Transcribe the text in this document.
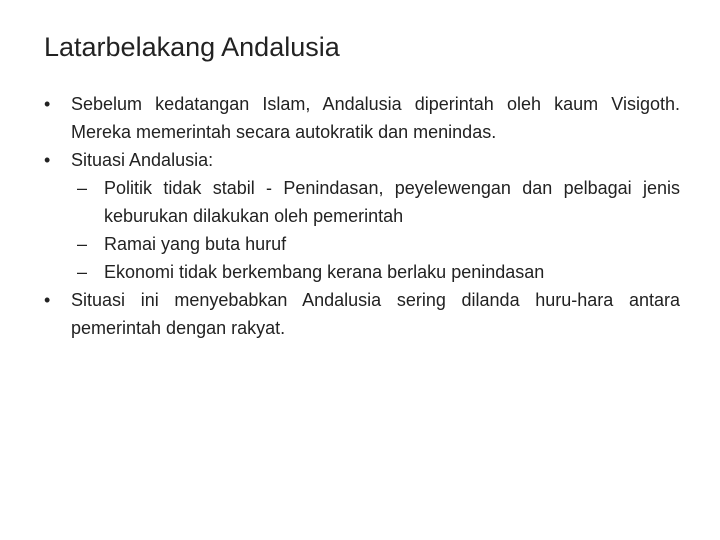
Latarbelakang Andalusia
• Sebelum kedatangan Islam, Andalusia diperintah oleh kaum Visigoth. Mereka memerintah secara autokratik dan menindas.
• Situasi Andalusia:
– Politik tidak stabil - Penindasan, peyelewengan dan pelbagai jenis keburukan dilakukan oleh pemerintah
– Ramai yang buta huruf
– Ekonomi tidak berkembang kerana berlaku penindasan
• Situasi ini menyebabkan Andalusia sering dilanda huru-hara antara pemerintah dengan rakyat.
